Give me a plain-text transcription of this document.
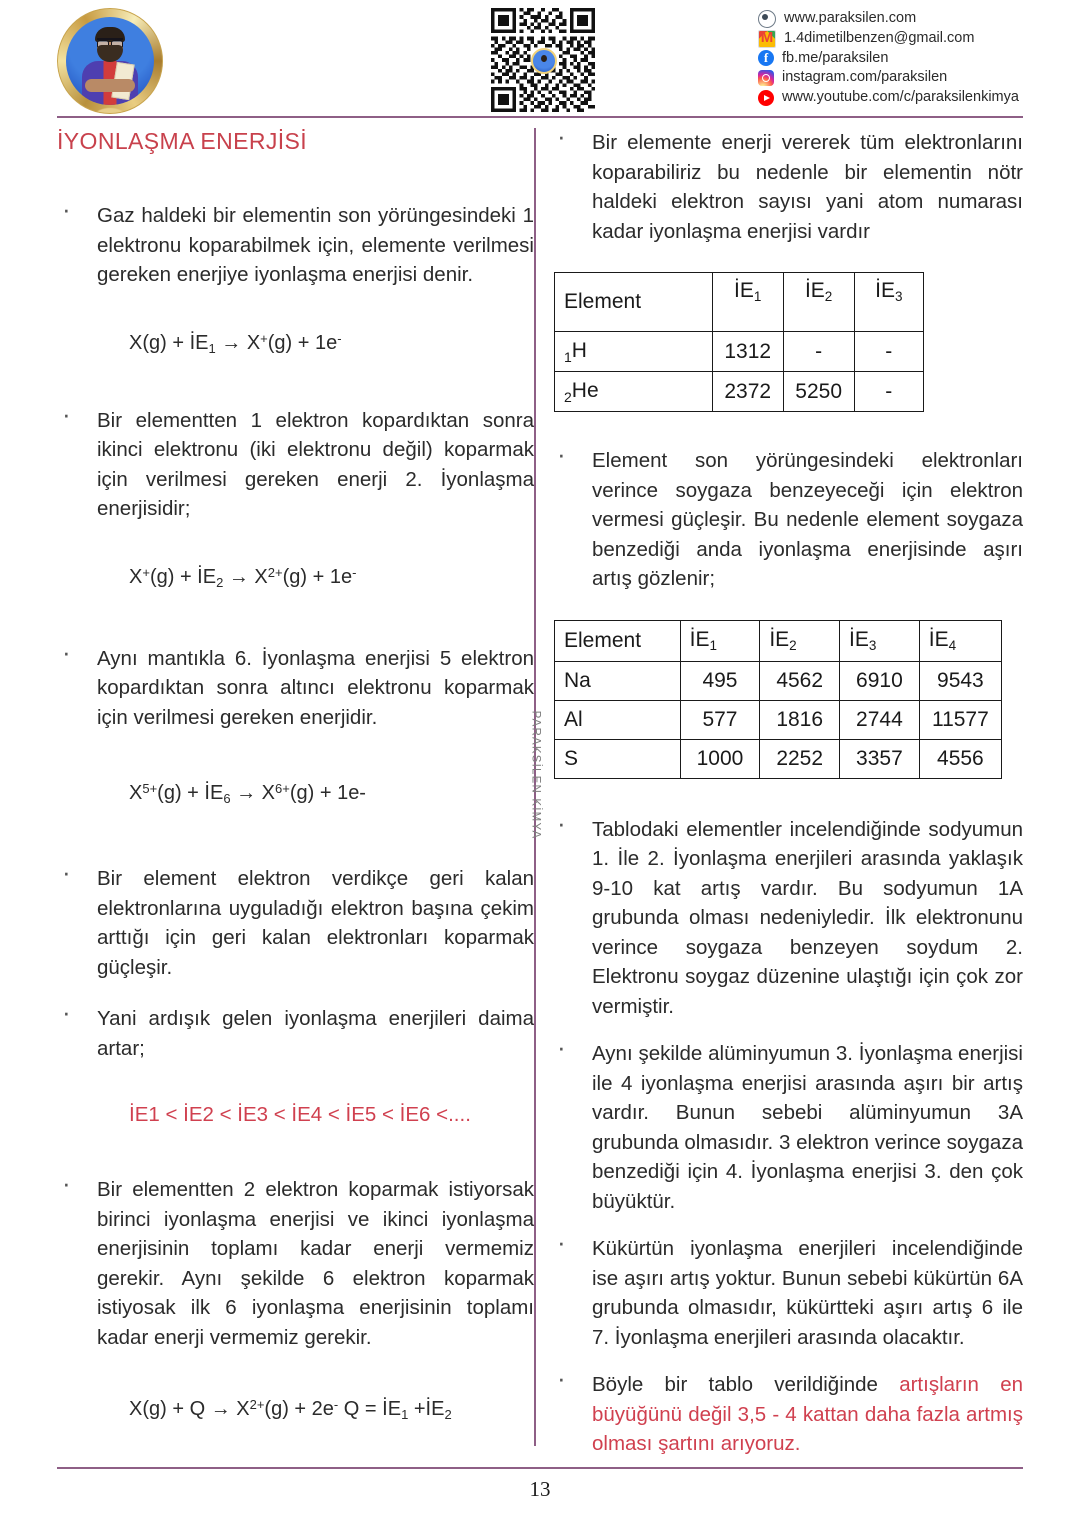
www.paraksilen.com
M
1.4dimetilbenzen@gmail.com
f
fb.me/paraksilen
instagram.com/paraksilen
www.youtube.com/c/paraksilenkimya
PARAKSİLEN KİMYA
İYONLAŞMA ENERJİSİ
· Gaz haldeki bir elementin son yörüngesindeki 1 elektronu koparabilmek için, elemente verilmesi gereken enerjiye iyonlaşma enerjisi denir.
$X(g) + İE_1 \to X^+(g) + 1e^-$
· Bir elementten 1 elektron kopardıktan sonra ikinci elektronu (iki elektronu değil) koparmak için verilmesi gereken enerji 2. İyonlaşma enerjisidir;
$X^+(g) + İE_2 \to X^{2+}(g) + 1e^-$
· Aynı mantıkla 6. İyonlaşma enerjisi 5 elektron kopardıktan sonra altıncı elektronu koparmak için verilmesi gereken enerjidir.
$X^{5+}(g)$ + $İE_6 \to X^{6+}(g) + 1e-$
· Bir element elektron verdikçe geri kalan elektronlarına uyguladığı elektron başına çekim arttığı için geri kalan elektronları koparmak güçleşir.
· Yani ardışık gelen iyonlaşma enerjileri daima artar;
İE1 < İE2 < İE3 < İE4 < İE5 < İE6 <....
· Bir elementten 2 elektron koparmak istiyorsak birinci iyonlaşma enerjisi ve ikinci iyonlaşma enerjisinin toplamı kadar enerji vermemiz gerekir. Aynı şekilde 6 elektron koparmak istiyosak ilk 6 iyonlaşma enerjisinin toplamı kadar enerji vermemiz gerekir.
$X(g) + Q \to X^{2+}(g) + 2e^-$ $Q = İE_1$ $+İE_2$
· Bir elemente enerji vererek tüm elektronlarını koparabiliriz bu nedenle bir elementin nötr haldeki elektron sayısı yani atom numarası kadar iyonlaşma enerjisi vardır
Element	$İE_1$	$İE_2$	$İE_3$
$_1$H	1312	-	-
$_2$He	2372	5250	-
· Element son yörüngesindeki elektronları verince soygaza benzeyeceği için elektron vermesi güçleşir. Bu nedenle element soygaza benzediği anda iyonlaşma enerjisinde aşırı artış gözlenir;
Element	$İE_1$	$İE_2$	$İE_3$	$İE_4$
Na	495	4562	6910	9543
Al	577	1816	2744	11577
S	1000	2252	3357	4556
· Tablodaki elementler incelendiğinde sodyumun 1. İle 2. İyonlaşma enerjileri arasında yaklaşık 9-10 kat artış vardır. Bu sodyumun 1A grubunda olması nedeniyledir. İlk elektronunu verince soygaza benzeyen soydum 2. Elektronu soygaz düzenine ulaştığı için çok zor vermiştir.
· Aynı şekilde alüminyumun 3. İyonlaşma enerjisi ile 4 iyonlaşma enerjisi arasında aşırı bir artış vardır. Bunun sebebi alüminyumun 3A grubunda olmasıdır. 3 elektron verince soygaza benzediği için 4. İyonlaşma enerjisi 3. den çok büyüktür.
· Kükürtün iyonlaşma enerjileri incelendiğinde ise aşırı artış yoktur. Bunun sebebi kükürtün 6A grubunda olmasıdır, kükürtteki aşırı artış 6 ile 7. İyonlaşma enerjileri arasında olacaktır.
· Böyle bir tablo verildiğinde artışların en büyüğünü değil 3,5 - 4 kattan daha fazla artmış olması şartını arıyoruz.
13
